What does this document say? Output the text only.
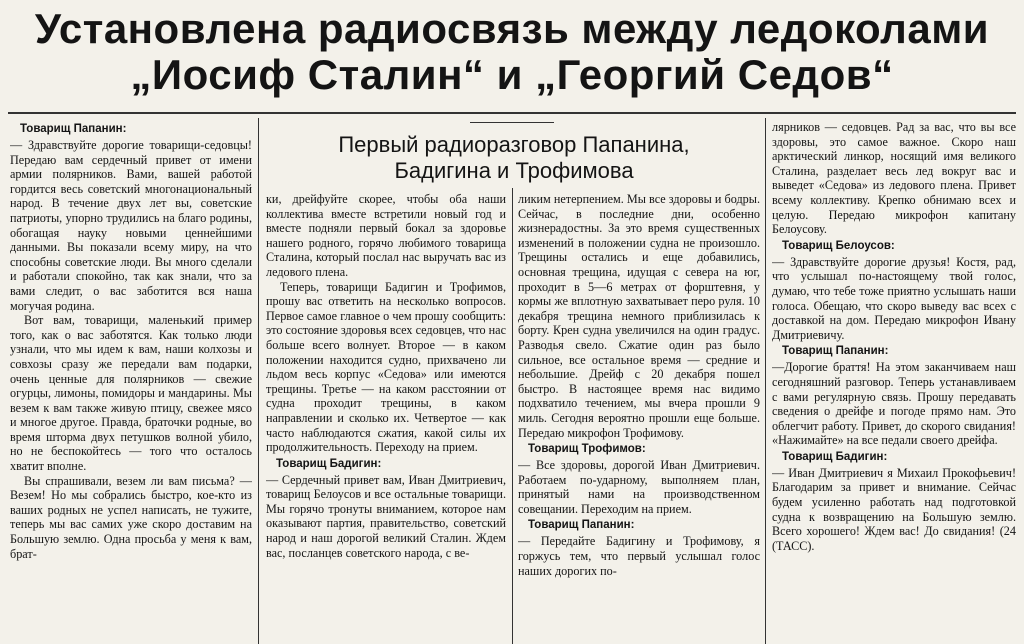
Установлена радиосвязь между ледоколами
„Иосиф Сталин“ и „Георгий Седов“
Первый радиоразговор Папанина,
Бадигина и Трофимова
Товарищ Папанин:

— Здравствуйте дорогие товарищи-седовцы! Передаю вам сердечный привет от имени армии полярников. Вами, вашей работой гордится весь советский многонациональный народ. В течение двух лет вы, советские патриоты, упорно трудились на благо родины, обогащая науку новыми ценнейшими данными. Вы показали всему миру, на что способны советские люди. Вы много сделали и работали спокойно, так как знали, что за вами следит, о вас заботится вся наша могучая родина.

Вот вам, товарищи, маленький пример того, как о вас заботятся. Как только люди узнали, что мы идем к вам, наши колхозы и совхозы сразу же передали вам подарки, очень ценные для полярников — свежие огурцы, лимоны, помидоры и мандарины. Мы везем к вам также живую птицу, свежее мясо и многое другое. Правда, браточки родные, во время шторма двух петушков волной убило, но не беспокойтесь — того что осталось хватит вполне.

Вы спрашивали, везем ли вам письма? — Везем! Но мы собрались быстро, кое-кто из ваших родных не успел написать, не тужите, теперь мы вас самих уже скоро доставим на Большую землю. Одна просьба у меня к вам, брат-

ки, дрейфуйте скорее, чтобы оба наши коллектива вместе встретили новый год и вместе подняли первый бокал за здоровье нашего родного, горячо любимого товарища Сталина, который послал нас выручать вас из ледового плена.

Теперь, товарищи Бадигин и Трофимов, прошу вас ответить на несколько вопросов. Первое самое главное о чем прошу сообщить: это состояние здоровья всех седовцев, что нас больше всего волнует. Второе — в каком положении находится судно, прихвачено ли льдом весь корпус «Седова» или имеются трещины. Третье — на каком расстоянии от судна проходит трещины, в каком направлении и сколько их. Четвертое — как часто наблюдаются сжатия, какой силы их продолжительность. Переходу на прием.

Товарищ Бадигин:

— Сердечный привет вам, Иван Дмитриевич, товарищ Белоусов и все остальные товарищи. Мы горячо тронуты вниманием, которое нам оказывают партия, правительство, советский народ и наш дорогой великий Сталин. Ждем вас, посланцев советского народа, с ве-

ликим нетерпением. Мы все здоровы и бодры. Сейчас, в последние дни, особенно жизнерадостны. За это время существенных изменений в положении судна не произошло. Трещины остались и еще добавились, основная трещина, идущая с севера на юг, проходит в 5—6 метрах от форштевня, у кормы же вплотную захватывает перо руля. 10 декабря трещина немного приблизилась к борту. Крен судна увеличился на один градус. Разводья свело. Сжатие один раз было сильное, все остальное время — средние и небольшие. Дрейф с 20 декабря пошел быстро. В настоящее время нас видимо подхватило течением, мы вчера прошли 9 миль. Сегодня вероятно прошли еще больше. Передаю микрофон Трофимову.

Товарищ Трофимов:

— Все здоровы, дорогой Иван Дмитриевич. Работаем по-ударному, выполняем план, принятый нами на производственном совещании. Переходим на прием.

Товарищ Папанин:

— Передайте Бадигину и Трофимову, я горжусь тем, что первый услышал голос наших дорогих по-

лярников — седовцев. Рад за вас, что вы все здоровы, это самое важное. Скоро наш арктический линкор, носящий имя великого Сталина, разделает весь лед вокруг вас и выведет «Седова» из ледового плена. Привет всему коллективу. Крепко обнимаю всех и целую. Передаю микрофон капитану Белоусову.

Товарищ Белоусов:

— Здравствуйте дорогие друзья! Костя, рад, что услышал по-настоящему твой голос, думаю, что тебе тоже приятно услышать наши голоса. Обещаю, что скоро выведу вас всех с доставкой на дом. Передаю микрофон Ивану Дмитриевичу.

Товарищ Папанин:

—Дорогие браття! На этом заканчиваем наш сегодняшний разговор. Теперь устанавливаем с вами регулярную связь. Прошу передавать сведения о дрейфе и погоде прямо нам. Это облегчит работу. Привет, до скорого свидания! «Нажимайте» на все педали своего дрейфа.

Товарищ Бадигин:

— Иван Дмитриевич я Михаил Прокофьевич! Благодарим за привет и внимание. Сейчас будем усиленно работать над подготовкой судна к возвращению на Большую землю. Всего хорошего! Ждем вас! До свидания! (24 (ТАСС).
